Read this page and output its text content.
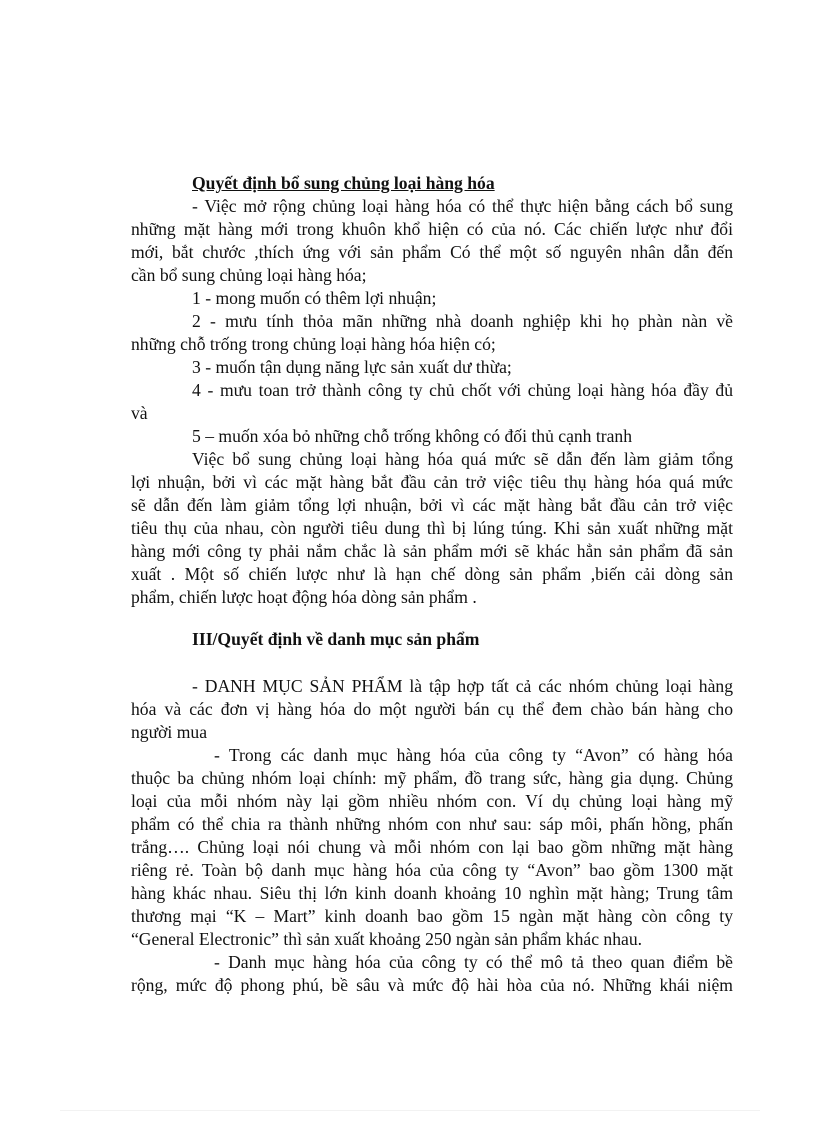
Quyết định bổ sung chủng loại hàng hóa
- Việc mở rộng chủng loại hàng hóa có thể thực hiện bằng cách bổ sung
những mặt hàng mới trong khuôn khổ hiện có của nó. Các chiến lược như đổi
mới, bắt chước ,thích ứng với sản phẩm Có thể một số nguyên nhân dẫn đến
cần bổ sung chủng loại hàng hóa;
1 - mong muốn có thêm lợi nhuận;
2 - mưu tính thỏa mãn những nhà doanh nghiệp khi họ phàn nàn về
những chỗ trống trong chủng loại hàng hóa hiện có;
3 - muốn tận dụng năng lực sản xuất dư thừa;
4 - mưu toan trở thành công ty chủ chốt với chủng loại hàng hóa đầy đủ
và
5 – muốn xóa bỏ những chỗ trống không có đối thủ cạnh tranh
Việc bổ sung chủng loại hàng hóa quá mức sẽ dẫn đến làm giảm tổng
lợi nhuận, bởi vì các mặt hàng bắt đầu cản trở việc tiêu thụ hàng hóa quá mức
sẽ dẫn đến làm giảm tổng lợi nhuận, bởi vì các mặt hàng bắt đầu cản trở việc
tiêu thụ của nhau, còn người tiêu dung thì bị lúng túng. Khi sản xuất những mặt
hàng mới công ty phải nắm chắc là sản phẩm mới sẽ khác hẳn sản phẩm đã sản
xuất . Một số chiến lược như là hạn chế dòng sản phẩm ,biến cải dòng sản
phẩm, chiến lược hoạt động hóa dòng sản phẩm .
III/Quyết định về danh mục sản phẩm
- DANH MỤC SẢN PHẨM là tập hợp tất cả các nhóm chủng loại hàng
hóa và các đơn vị hàng hóa do một người bán cụ thể đem chào bán hàng cho
người mua
- Trong các danh mục hàng hóa của công ty “Avon” có hàng hóa
thuộc ba chủng nhóm loại chính: mỹ phẩm, đồ trang sức, hàng gia dụng. Chủng
loại của mỗi nhóm này lại gồm nhiều nhóm con. Ví dụ chủng loại hàng mỹ
phẩm có thể chia ra thành những nhóm con như sau: sáp môi, phấn hồng, phấn
trắng…. Chủng loại nói chung và mỗi nhóm con lại bao gồm những mặt hàng
riêng rẻ. Toàn bộ danh mục hàng hóa của công ty “Avon” bao gồm 1300 mặt
hàng khác nhau. Siêu thị lớn kinh doanh khoảng 10 nghìn mặt hàng; Trung tâm
thương mại “K – Mart” kinh doanh bao gồm 15 ngàn mặt hàng còn công ty
“General Electronic” thì sản xuất khoảng 250 ngàn sản phẩm khác nhau.
- Danh mục hàng hóa của công ty có thể mô tả theo quan điểm bề
rộng, mức độ phong phú, bề sâu và mức độ hài hòa của nó. Những khái niệm
